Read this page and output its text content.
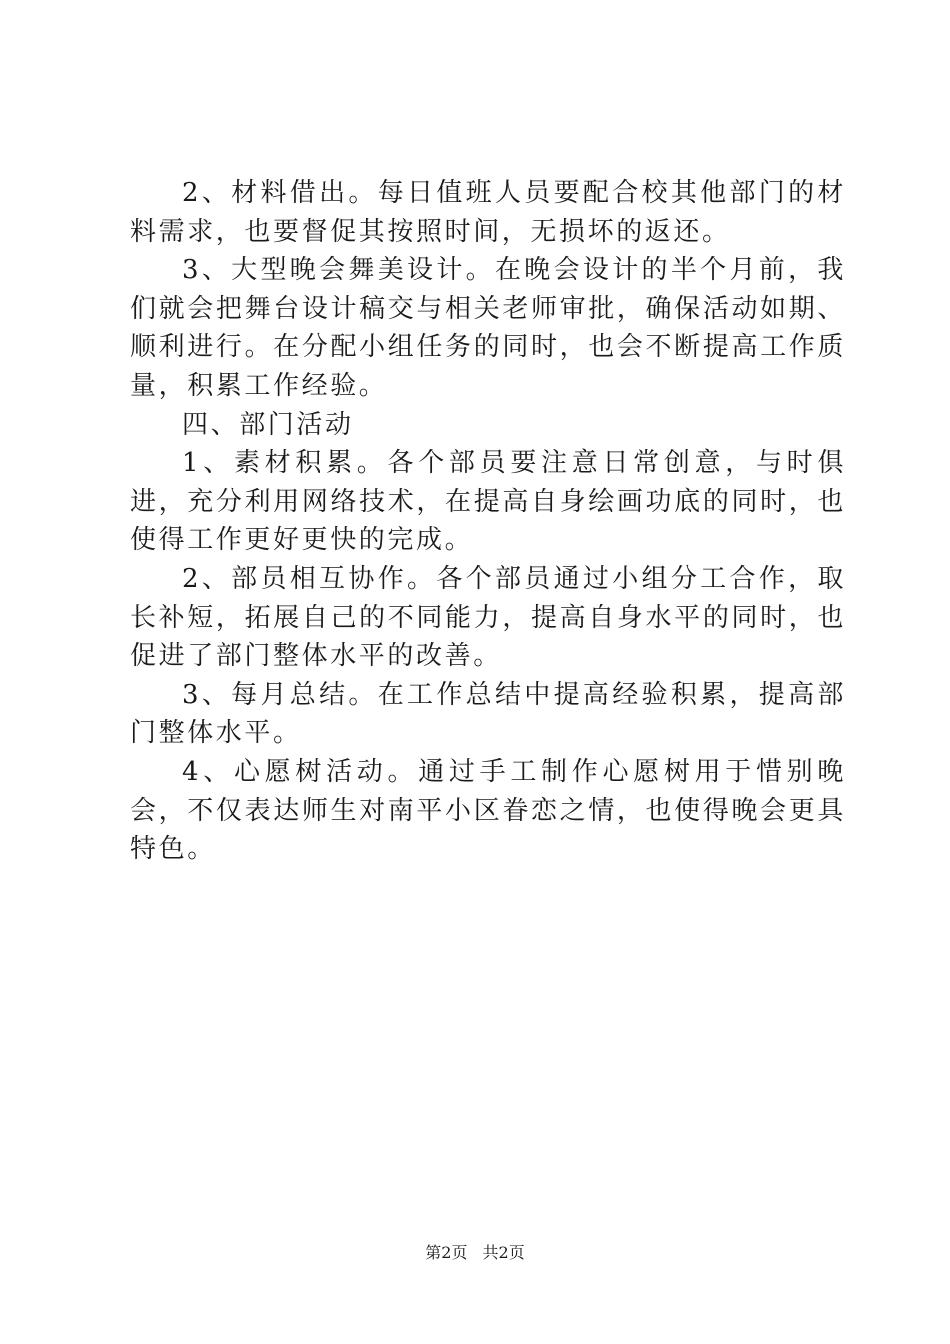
2、材料借出。每日值班人员要配合校其他部门的材料需求，也要督促其按照时间，无损坏的返还。

3、大型晚会舞美设计。在晚会设计的半个月前，我们就会把舞台设计稿交与相关老师审批，确保活动如期、顺利进行。在分配小组任务的同时，也会不断提高工作质量，积累工作经验。

四、部门活动

1、素材积累。各个部员要注意日常创意，与时俱进，充分利用网络技术，在提高自身绘画功底的同时，也使得工作更好更快的完成。

2、部员相互协作。各个部员通过小组分工合作，取长补短，拓展自己的不同能力，提高自身水平的同时，也促进了部门整体水平的改善。

3、每月总结。在工作总结中提高经验积累，提高部门整体水平。

4、心愿树活动。通过手工制作心愿树用于惜别晚会，不仅表达师生对南平小区眷恋之情，也使得晚会更具特色。

第2页 共2页
